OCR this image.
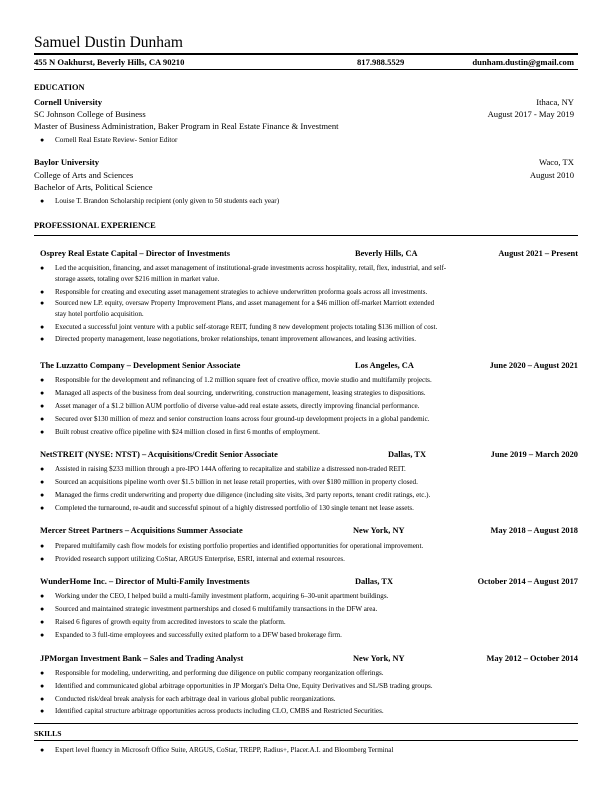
Samuel Dustin Dunham
455 N Oakhurst, Beverly Hills, CA 90210	817.988.5529	dunham.dustin@gmail.com
EDUCATION
Cornell University	Ithaca, NY
SC Johnson College of Business	August 2017 - May 2019
Master of Business Administration, Baker Program in Real Estate Finance & Investment
● Cornell Real Estate Review- Senior Editor
Baylor University	Waco, TX
College of Arts and Sciences	August 2010
Bachelor of Arts, Political Science
● Louise T. Brandon Scholarship recipient (only given to 50 students each year)
PROFESSIONAL EXPERIENCE
Osprey Real Estate Capital – Director of Investments	Beverly Hills, CA	August 2021 – Present
● Led the acquisition, financing, and asset management of institutional-grade investments across hospitality, retail, flex, industrial, and self-
storage assets, totaling over $216 million in market value.
● Responsible for creating and executing asset management strategies to achieve underwritten proforma goals across all investments.
● Sourced new LP. equity, oversaw Property Improvement Plans, and asset management for a $46 million off-market Marriott extended
stay hotel portfolio acquisition.
● Executed a successful joint venture with a public self-storage REIT, funding 8 new development projects totaling $136 million of cost.
● Directed property management, lease negotiations, broker relationships, tenant improvement allowances, and leasing activities.
The Luzzatto Company – Development Senior Associate	Los Angeles, CA	June 2020 – August 2021
● Responsible for the development and refinancing of 1.2 million square feet of creative office, movie studio and multifamily projects.
● Managed all aspects of the business from deal sourcing, underwriting, construction management, leasing strategies to dispositions.
● Asset manager of a $1.2 billion AUM portfolio of diverse value-add real estate assets, directly improving financial performance.
● Secured over $130 million of mezz and senior construction loans across four ground-up development projects in a global pandemic.
● Built robust creative office pipeline with $24 million closed in first 6 months of employment.
NetSTREIT (NYSE: NTST) – Acquisitions/Credit Senior Associate	Dallas, TX	June 2019 – March 2020
● Assisted in raising $233 million through a pre-IPO 144A offering to recapitalize and stabilize a distressed non-traded REIT.
● Sourced an acquisitions pipeline worth over $1.5 billion in net lease retail properties, with over $180 million in property closed.
● Managed the firms credit underwriting and property due diligence (including site visits, 3rd party reports, tenant credit ratings, etc.).
● Completed the turnaround, re-audit and successful spinout of a highly distressed portfolio of 130 single tenant net lease assets.
Mercer Street Partners – Acquisitions Summer Associate	New York, NY	May 2018 – August 2018
● Prepared multifamily cash flow models for existing portfolio properties and identified opportunities for operational improvement.
● Provided research support utilizing CoStar, ARGUS Enterprise, ESRI, internal and external resources.
WunderHome Inc. – Director of Multi-Family Investments	Dallas, TX	October 2014 – August 2017
● Working under the CEO, I helped build a multi-family investment platform, acquiring 6–30-unit apartment buildings.
● Sourced and maintained strategic investment partnerships and closed 6 multifamily transactions in the DFW area.
● Raised 6 figures of growth equity from accredited investors to scale the platform.
● Expanded to 3 full-time employees and successfully exited platform to a DFW based brokerage firm.
JPMorgan Investment Bank – Sales and Trading Analyst	New York, NY	May 2012 – October 2014
● Responsible for modeling, underwriting, and performing due diligence on public company reorganization offerings.
● Identified and communicated global arbitrage opportunities in JP Morgan's Delta One, Equity Derivatives and SL/SB trading groups.
● Conducted risk/deal break analysis for each arbitrage deal in various global public reorganizations.
● Identified capital structure arbitrage opportunities across products including CLO, CMBS and Restricted Securities.
SKILLS
● Expert level fluency in Microsoft Office Suite, ARGUS, CoStar, TREPP, Radius+, Placer.A.I. and Bloomberg Terminal
